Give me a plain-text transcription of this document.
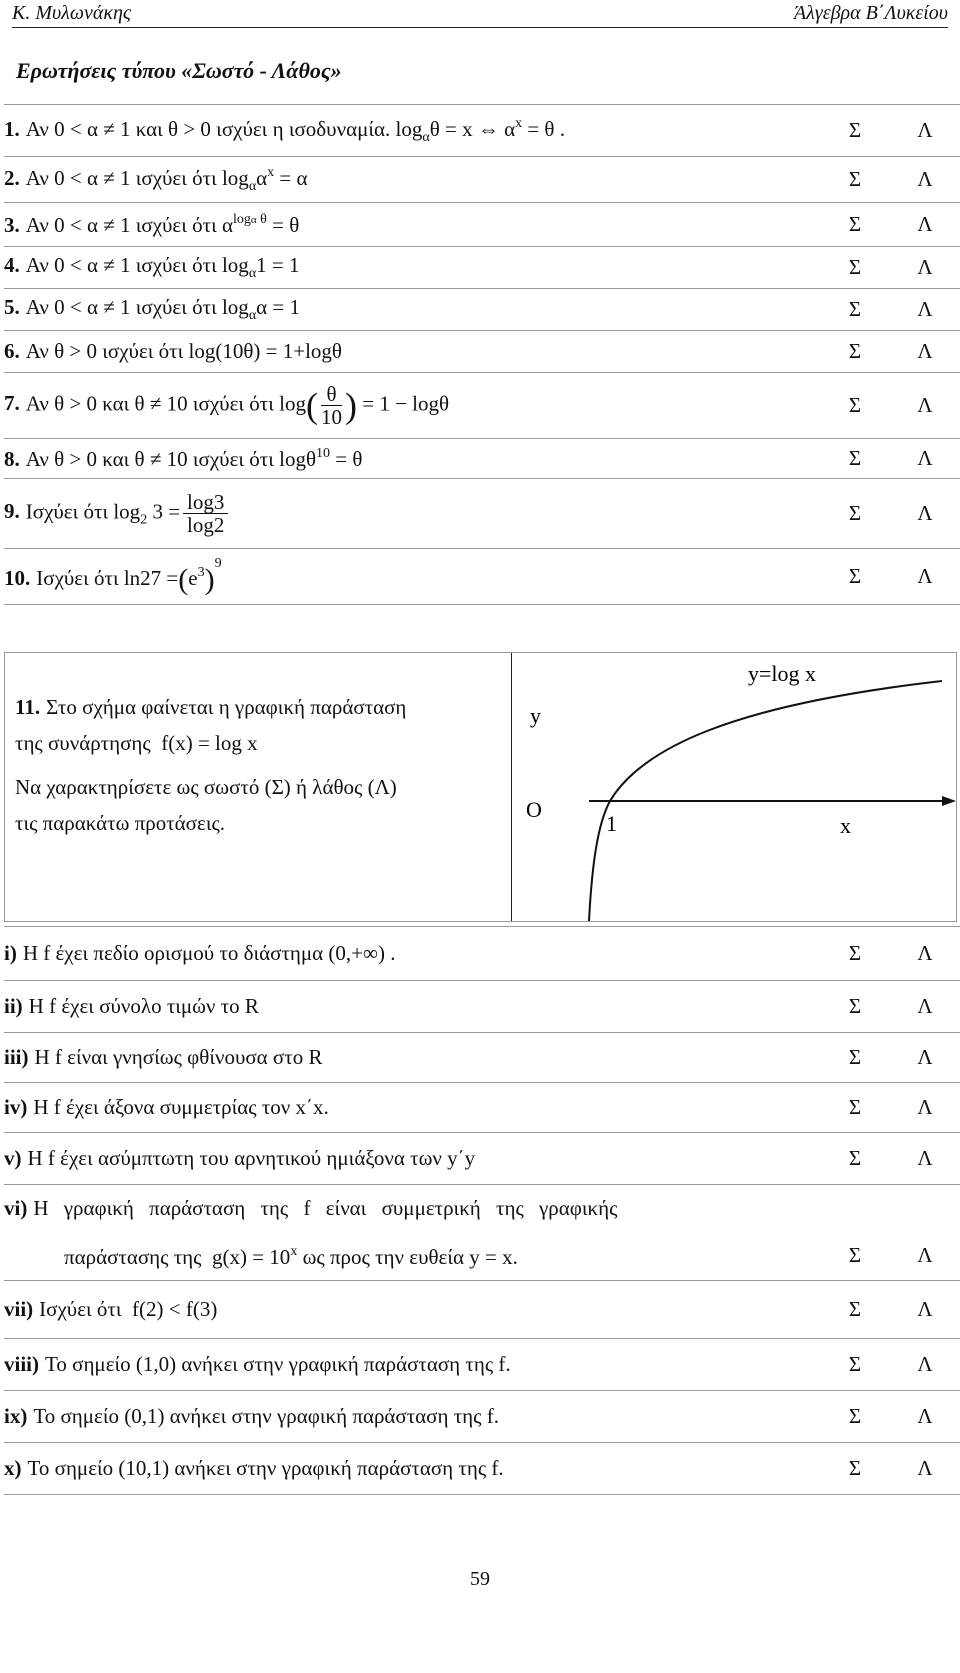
Κ. Μυλωνάκης	Άλγεβρα Β΄Λυκείου
Ερωτήσεις τύπου «Σωστό - Λάθος»
1. Αν 0 < α ≠ 1 και θ > 0 ισχύει η ισοδυναμία. $\log_\alpha\theta = x$ ⇔ $\alpha^x = \theta$ .	Σ	Λ
2. Αν 0 < α ≠ 1 ισχύει ότι $\log_\alpha\alpha^x = \alpha$	Σ	Λ
3. Αν 0 < α ≠ 1 ισχύει ότι $\alpha^{log\alpha \theta} = \theta$	Σ	Λ
4. Αν 0 < α ≠ 1 ισχύει ότι $\log_\alpha 1 = 1$	Σ	Λ
5. Αν 0 < α ≠ 1 ισχύει ότι $\log_\alpha\alpha = 1$	Σ	Λ
6. Αν θ > 0 ισχύει ότι log(10θ) = 1+logθ	Σ	Λ
7. Αν θ > 0 και θ ≠ 10 ισχύει ότι $\log( \frac{\theta}{10}$ ) = 1 − logθ	Σ	Λ
8. Αν θ > 0 και θ ≠ 10 ισχύει ότι logθ$^{10}$ = θ	Σ	Λ
9. Ισχύει ότι $\log_2 3 = \frac{\log 3}{\log 2}$	Σ	Λ
10. Ισχύει ότι $\ln 27 =(e^3)^9$	Σ	Λ
11. Στο σχήμα φαίνεται η γραφική παράσταση
της συνάρτησης f(x) = log x
Να χαρακτηρίσετε ως σωστό (Σ) ή λάθος (Λ)
τις παρακάτω προτάσεις.
y=log x
y
O
1	x
i) Η f έχει πεδίο ορισμού το διάστημα (0,+∞) .	Σ	Λ
ii) Η f έχει σύνολο τιμών το R	Σ	Λ
iii) Η f είναι γνησίως φθίνουσα στο R	Σ	Λ
iv) Η f έχει άξονα συμμετρίας τον x΄x.	Σ	Λ
v) Η f έχει ασύμπτωτη του αρνητικού ημιάξονα των y΄y	Σ	Λ

vi) Η γραφική παράσταση της f είναι συμμετρική της γραφικής
παράστασης της $g(x) = 10^x$ ως προς την ευθεία y = x.	Σ	Λ
vii) Ισχύει ότι f(2) < f(3)	Σ	Λ
viii) Το σημείο (1,0) ανήκει στην γραφική παράσταση της f.	Σ	Λ
ix) Το σημείο (0,1) ανήκει στην γραφική παράσταση της f.	Σ	Λ
x) Το σημείο (10,1) ανήκει στην γραφική παράσταση της f.	Σ	Λ
59
